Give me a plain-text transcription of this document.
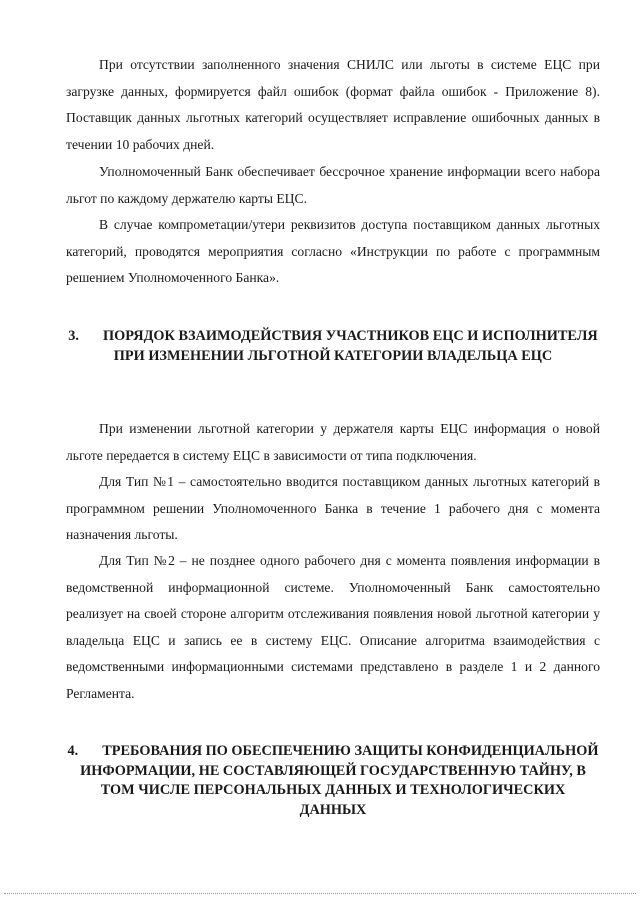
При отсутствии заполненного значения СНИЛС или льготы в системе ЕЦС при загрузке данных, формируется файл ошибок (формат файла ошибок - Приложение 8). Поставщик данных льготных категорий осуществляет исправление ошибочных данных в течении 10 рабочих дней.

Уполномоченный Банк обеспечивает бессрочное хранение информации всего набора льгот по каждому держателю карты ЕЦС.

В случае компрометации/утери реквизитов доступа поставщиком данных льготных категорий, проводятся мероприятия согласно «Инструкции по работе с программным решением Уполномоченного Банка».

3. ПОРЯДОК ВЗАИМОДЕЙСТВИЯ УЧАСТНИКОВ ЕЦС И ИСПОЛНИТЕЛЯ ПРИ ИЗМЕНЕНИИ ЛЬГОТНОЙ КАТЕГОРИИ ВЛАДЕЛЬЦА ЕЦС

При изменении льготной категории у держателя карты ЕЦС информация о новой льготе передается в систему ЕЦС в зависимости от типа подключения.

Для Тип №1 – самостоятельно вводится поставщиком данных льготных категорий в программном решении Уполномоченного Банка в течение 1 рабочего дня с момента назначения льготы.

Для Тип №2 – не позднее одного рабочего дня с момента появления информации в ведомственной информационной системе. Уполномоченный Банк самостоятельно реализует на своей стороне алгоритм отслеживания появления новой льготной категории у владельца ЕЦС и запись ее в систему ЕЦС. Описание алгоритма взаимодействия с ведомственными информационными системами представлено в разделе 1 и 2 данного Регламента.

4. ТРЕБОВАНИЯ ПО ОБЕСПЕЧЕНИЮ ЗАЩИТЫ КОНФИДЕНЦИАЛЬНОЙ ИНФОРМАЦИИ, НЕ СОСТАВЛЯЮЩЕЙ ГОСУДАРСТВЕННУЮ ТАЙНУ, В ТОМ ЧИСЛЕ ПЕРСОНАЛЬНЫХ ДАННЫХ И ТЕХНОЛОГИЧЕСКИХ ДАННЫХ
